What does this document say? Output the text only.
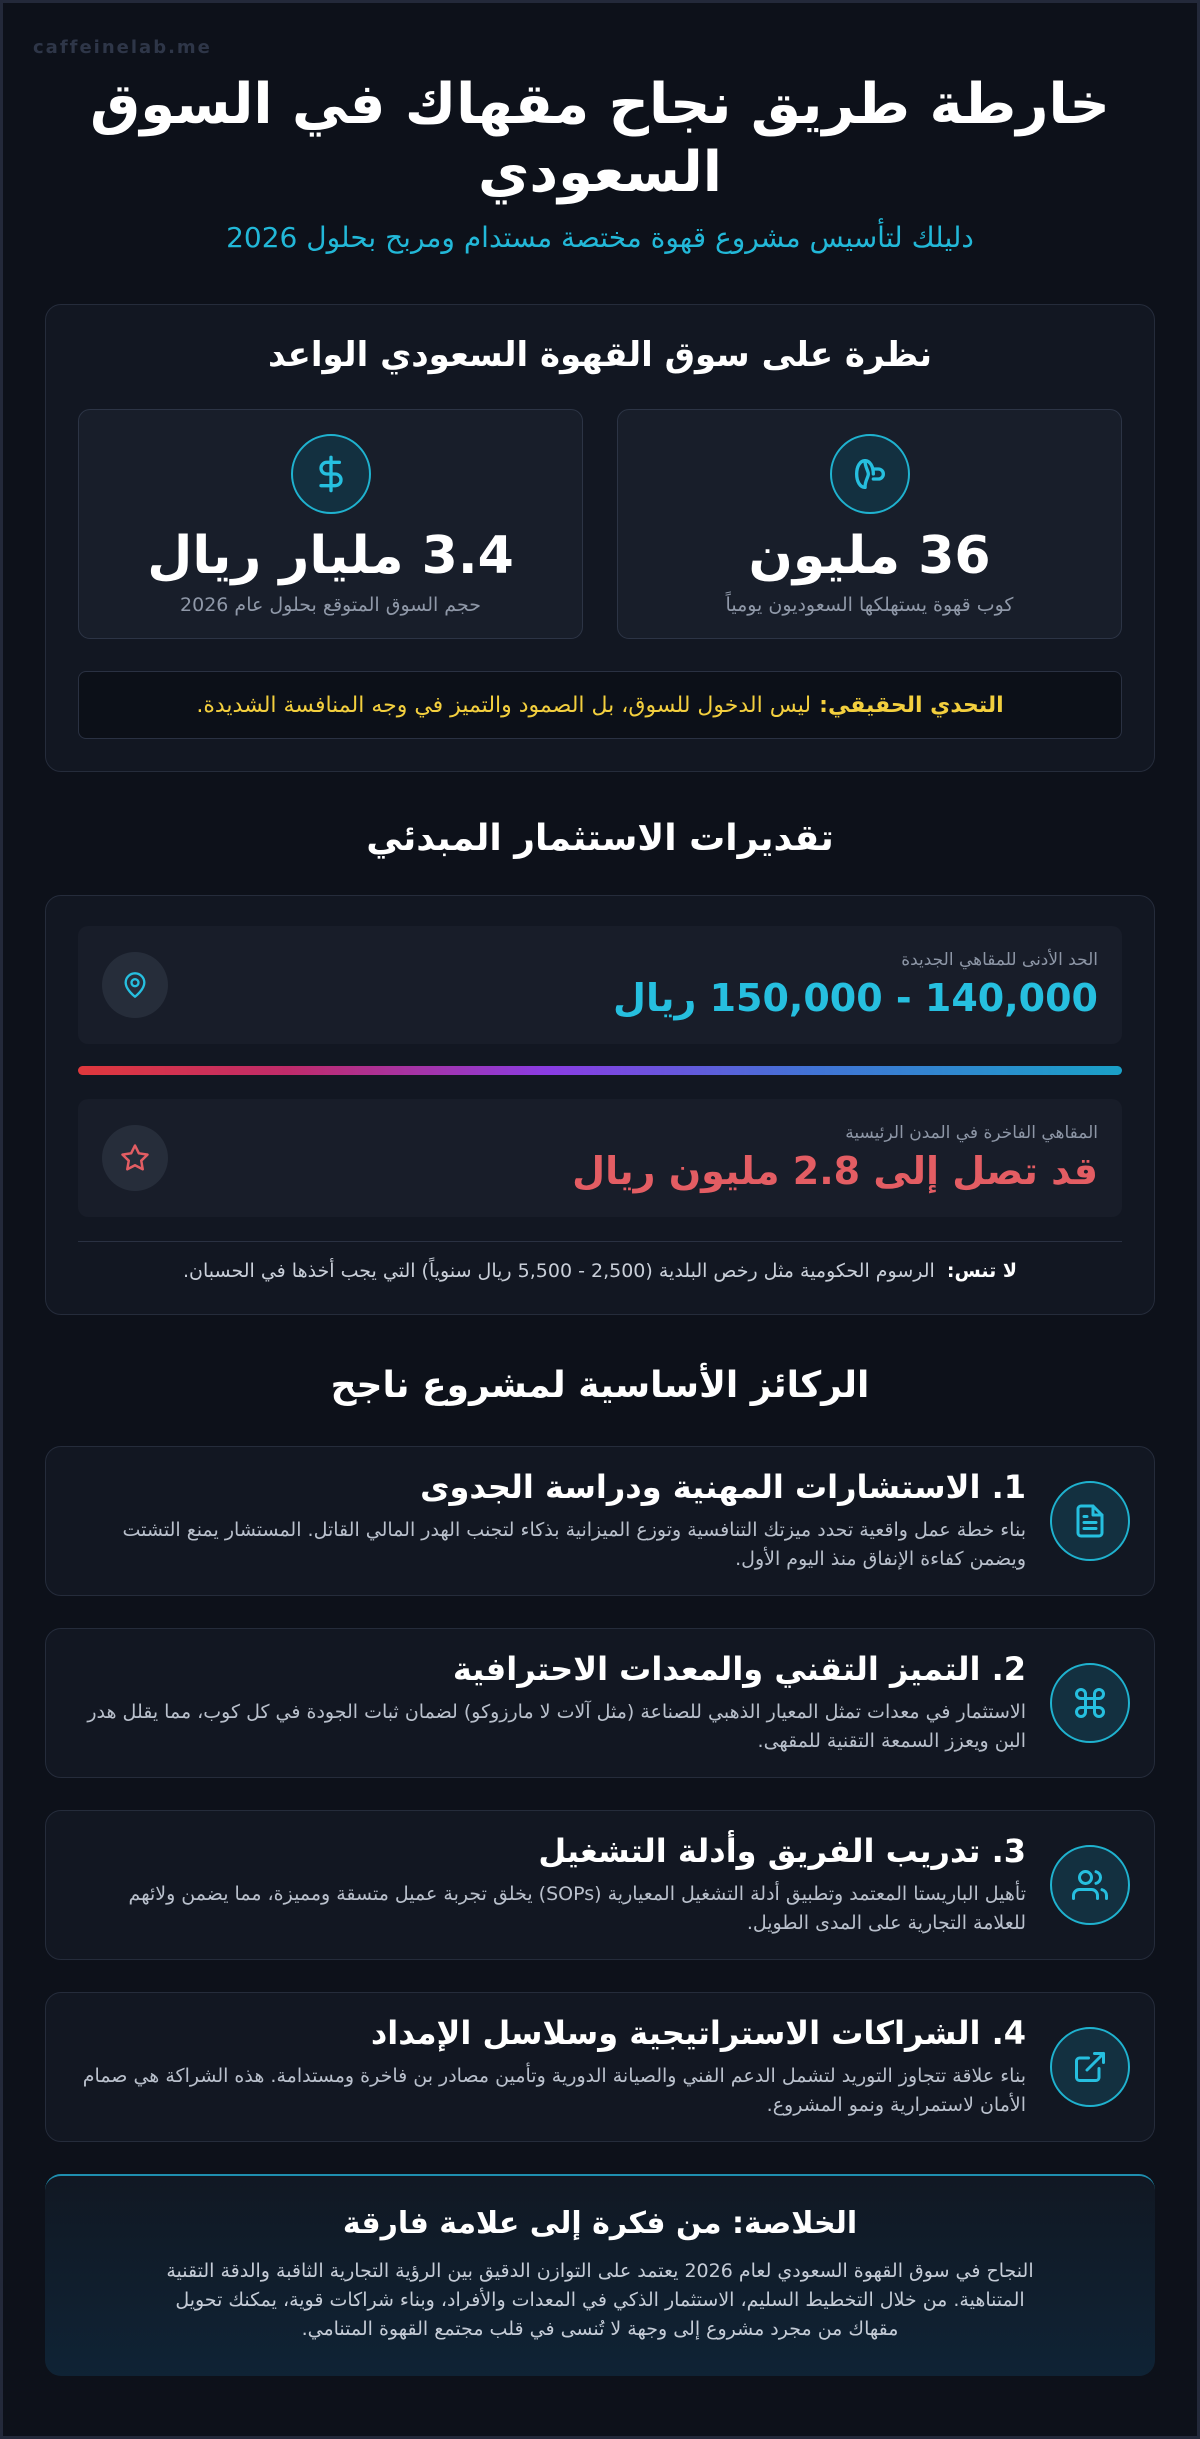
caffeinelab.me
خارطة طريق نجاح مقهاك في السوق السعودي
دليلك لتأسيس مشروع قهوة مختصة مستدام ومربح بحلول 2026
نظرة على سوق القهوة السعودي الواعد
36 مليون
كوب قهوة يستهلكها السعوديون يومياً
3.4 مليار ريال
حجم السوق المتوقع بحلول عام 2026
التحدي الحقيقي:
ليس الدخول للسوق، بل الصمود والتميز في وجه المنافسة الشديدة.
تقديرات الاستثمار المبدئي
الحد الأدنى للمقاهي الجديدة
140,000 - 150,000 ريال
المقاهي الفاخرة في المدن الرئيسية
قد تصل إلى 2.8 مليون ريال
لا تنس: الرسوم الحكومية مثل رخص البلدية (2,500 - 5,500 ريال سنوياً) التي يجب أخذها في الحسبان.
الركائز الأساسية لمشروع ناجح
1. الاستشارات المهنية ودراسة الجدوى

بناء خطة عمل واقعية تحدد ميزتك التنافسية وتوزع الميزانية بذكاء لتجنب الهدر المالي القاتل. المستشار يمنع التشتت ويضمن كفاءة الإنفاق منذ اليوم الأول.

2. التميز التقني والمعدات الاحترافية

الاستثمار في معدات تمثل المعيار الذهبي للصناعة (مثل آلات لا مارزوكو) لضمان ثبات الجودة في كل كوب، مما يقلل هدر البن ويعزز السمعة التقنية للمقهى.

3. تدريب الفريق وأدلة التشغيل

تأهيل الباريستا المعتمد وتطبيق أدلة التشغيل المعيارية (SOPs) يخلق تجربة عميل متسقة ومميزة، مما يضمن ولائهم للعلامة التجارية على المدى الطويل.

4. الشراكات الاستراتيجية وسلاسل الإمداد

بناء علاقة تتجاوز التوريد لتشمل الدعم الفني والصيانة الدورية وتأمين مصادر بن فاخرة ومستدامة. هذه الشراكة هي صمام الأمان لاستمرارية ونمو المشروع.

الخلاصة: من فكرة إلى علامة فارقة

النجاح في سوق القهوة السعودي لعام 2026 يعتمد على التوازن الدقيق بين الرؤية التجارية الثاقبة والدقة التقنية المتناهية. من خلال التخطيط السليم، الاستثمار الذكي في المعدات والأفراد، وبناء شراكات قوية، يمكنك تحويل مقهاك من مجرد مشروع إلى وجهة لا تُنسى في قلب مجتمع القهوة المتنامي.
